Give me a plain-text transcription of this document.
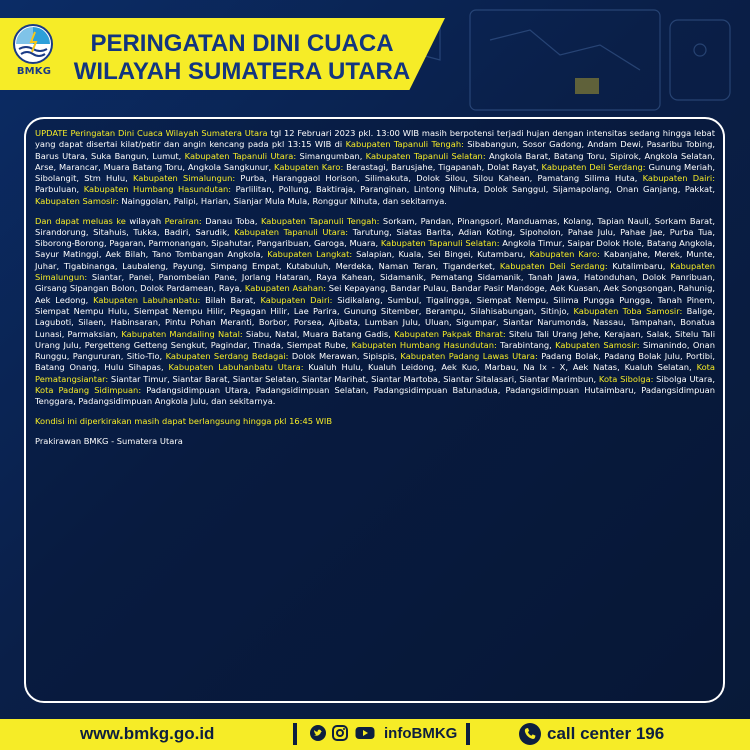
BMKG
PERINGATAN DINI CUACA
WILAYAH SUMATERA UTARA

UPDATE Peringatan Dini Cuaca Wilayah Sumatera Utara tgl 12 Februari 2023 pkl. 13:00 WIB masih berpotensi terjadi hujan dengan intensitas sedang hingga lebat yang dapat disertai kilat/petir dan angin kencang pada pkl 13:15 WIB di Kabupaten Tapanuli Tengah: Sibabangun, Sosor Gadong, Andam Dewi, Pasaribu Tobing, Barus Utara, Suka Bangun, Lumut, Kabupaten Tapanuli Utara: Simangumban, Kabupaten Tapanuli Selatan: Angkola Barat, Batang Toru, Sipirok, Angkola Selatan, Arse, Marancar, Muara Batang Toru, Angkola Sangkunur, Kabupaten Karo: Berastagi, Barusjahe, Tigapanah, Dolat Rayat, Kabupaten Deli Serdang: Gunung Meriah, Sibolangit, Stm Hulu, Kabupaten Simalungun: Purba, Haranggaol Horison, Silimakuta, Dolok Silou, Silou Kahean, Pamatang Silima Huta, Kabupaten Dairi: Parbuluan, Kabupaten Humbang Hasundutan: Parlilitan, Pollung, Baktiraja, Paranginan, Lintong Nihuta, Dolok Sanggul, Sijamapolang, Onan Ganjang, Pakkat, Kabupaten Samosir: Nainggolan, Palipi, Harian, Sianjar Mula Mula, Ronggur Nihuta, dan sekitarnya.

Dan dapat meluas ke wilayah Perairan: Danau Toba, Kabupaten Tapanuli Tengah: Sorkam, Pandan, Pinangsori, Manduamas, Kolang, Tapian Nauli, Sorkam Barat, Sirandorung, Sitahuis, Tukka, Badiri, Sarudik, Kabupaten Tapanuli Utara: Tarutung, Siatas Barita, Adian Koting, Sipoholon, Pahae Julu, Pahae Jae, Purba Tua, Siborong-Borong, Pagaran, Parmonangan, Sipahutar, Pangaribuan, Garoga, Muara, Kabupaten Tapanuli Selatan: Angkola Timur, Saipar Dolok Hole, Batang Angkola, Sayur Matinggi, Aek Bilah, Tano Tombangan Angkola, Kabupaten Langkat: Salapian, Kuala, Sei Bingei, Kutambaru, Kabupaten Karo: Kabanjahe, Merek, Munte, Juhar, Tigabinanga, Laubaleng, Payung, Simpang Empat, Kutabuluh, Merdeka, Naman Teran, Tiganderket, Kabupaten Deli Serdang: Kutalimbaru, Kabupaten Simalungun: Siantar, Panei, Panombeian Pane, Jorlang Hataran, Raya Kahean, Sidamanik, Pematang Sidamanik, Tanah Jawa, Hatonduhan, Dolok Panribuan, Girsang Sipangan Bolon, Dolok Pardamean, Raya, Kabupaten Asahan: Sei Kepayang, Bandar Pulau, Bandar Pasir Mandoge, Aek Kuasan, Aek Songsongan, Rahunig, Aek Ledong, Kabupaten Labuhanbatu: Bilah Barat, Kabupaten Dairi: Sidikalang, Sumbul, Tigalingga, Siempat Nempu, Silima Pungga Pungga, Tanah Pinem, Siempat Nempu Hulu, Siempat Nempu Hilir, Pegagan Hilir, Lae Parira, Gunung Sitember, Berampu, Silahisabungan, Sitinjo, Kabupaten Toba Samosir: Balige, Laguboti, Silaen, Habinsaran, Pintu Pohan Meranti, Borbor, Porsea, Ajibata, Lumban Julu, Uluan, Sigumpar, Siantar Narumonda, Nassau, Tampahan, Bonatua Lunasi, Parmaksian, Kabupaten Mandailing Natal: Siabu, Natal, Muara Batang Gadis, Kabupaten Pakpak Bharat: Sitelu Tali Urang Jehe, Kerajaan, Salak, Sitelu Tali Urang Julu, Pergetteng Getteng Sengkut, Pagindar, Tinada, Siempat Rube, Kabupaten Humbang Hasundutan: Tarabintang, Kabupaten Samosir: Simanindo, Onan Runggu, Pangururan, Sitio-Tio, Kabupaten Serdang Bedagai: Dolok Merawan, Sipispis, Kabupaten Padang Lawas Utara: Padang Bolak, Padang Bolak Julu, Portibi, Batang Onang, Hulu Sihapas, Kabupaten Labuhanbatu Utara: Kualuh Hulu, Kualuh Leidong, Aek Kuo, Marbau, Na Ix - X, Aek Natas, Kualuh Selatan, Kota Pematangsiantar: Siantar Timur, Siantar Barat, Siantar Selatan, Siantar Marihat, Siantar Martoba, Siantar Sitalasari, Siantar Marimbun, Kota Sibolga: Sibolga Utara, Kota Padang Sidimpuan: Padangsidimpuan Utara, Padangsidimpuan Selatan, Padangsidimpuan Batunadua, Padangsidimpuan Hutaimbaru, Padangsidimpuan Tenggara, Padangsidimpuan Angkola Julu, dan sekitarnya.

Kondisi ini diperkirakan masih dapat berlangsung hingga pkl 16:45 WIB

Prakirawan BMKG - Sumatera Utara

www.bmkg.go.id	infoBMKG	call center 196
